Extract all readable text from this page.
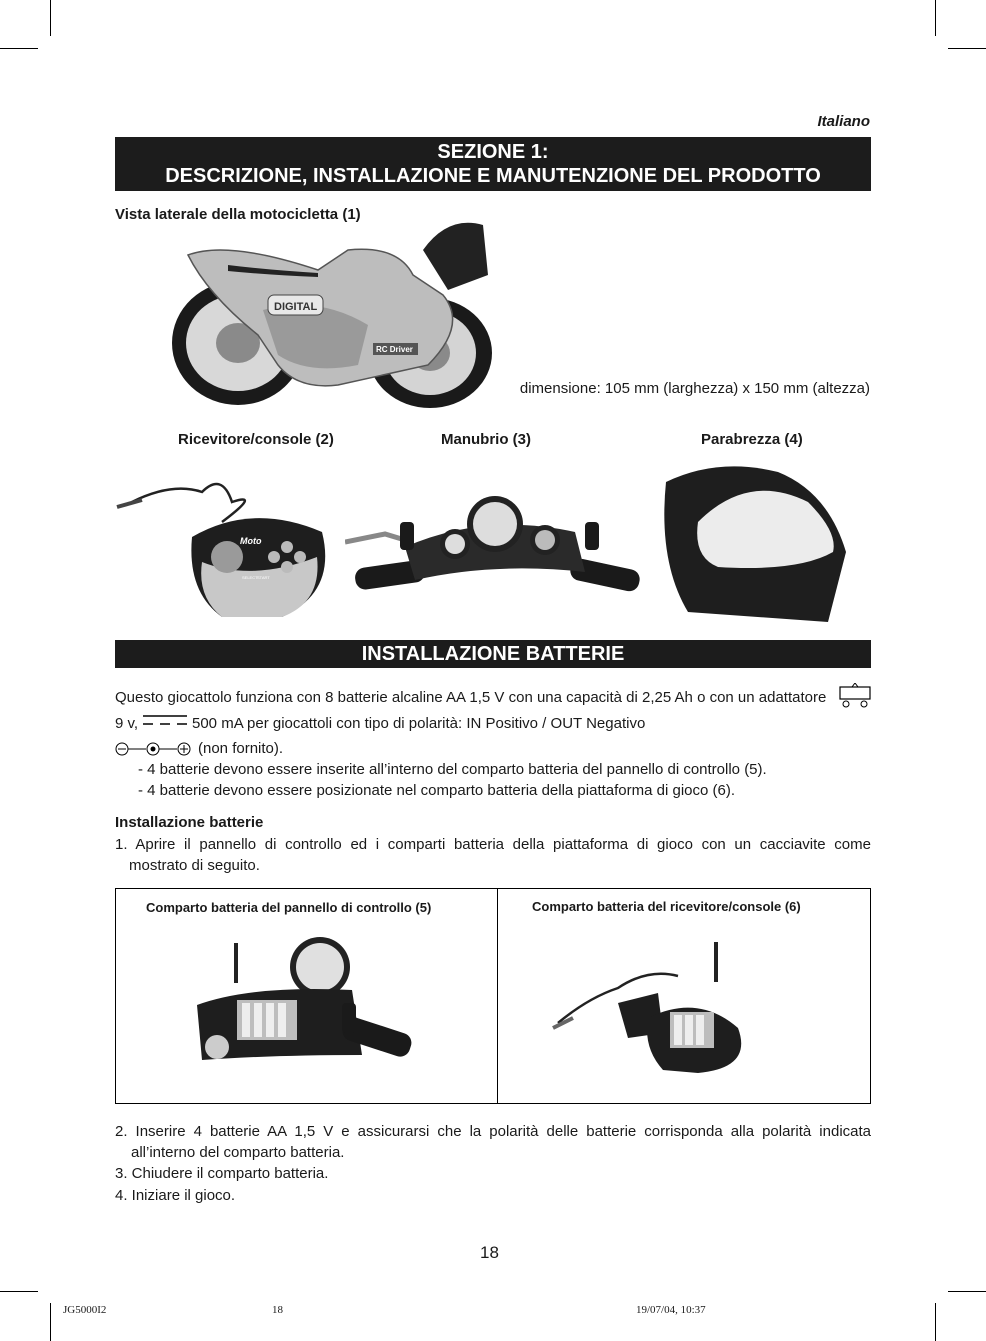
Italiano
SEZIONE 1:
DESCRIZIONE, INSTALLAZIONE E MANUTENZIONE DEL PRODOTTO
Vista laterale della motocicletta (1)
DIGITAL
RC Driver
dimensione: 105 mm (larghezza) x 150 mm (altezza)
Ricevitore/console (2)	Manubrio (3)	Parabrezza (4)
Moto
SELECT START
INSTALLAZIONE BATTERIE
Questo giocattolo funziona con 8 batterie alcaline AA 1,5 V con una capacità di 2,25 Ah o con un adattatore
9 v,	500 mA per giocattoli con tipo di polarità: IN Positivo / OUT Negativo
(non fornito).
- 4 batterie devono essere inserite all’interno del comparto batteria del pannello di controllo (5).
- 4 batterie devono essere posizionate nel comparto batteria della piattaforma di gioco (6).
Installazione batterie
1. Aprire il pannello di controllo ed i comparti batteria della piattaforma di gioco con un cacciavite come
mostrato di seguito.
Comparto batteria del pannello di controllo (5)	Comparto batteria del ricevitore/console (6)
2. Inserire 4 batterie AA 1,5 V e assicurarsi che la polarità delle batterie corrisponda alla polarità indicata
all’interno del comparto batteria.
3. Chiudere il comparto batteria.
4. Iniziare il gioco.
18
JG5000I2	18	19/07/04, 10:37
